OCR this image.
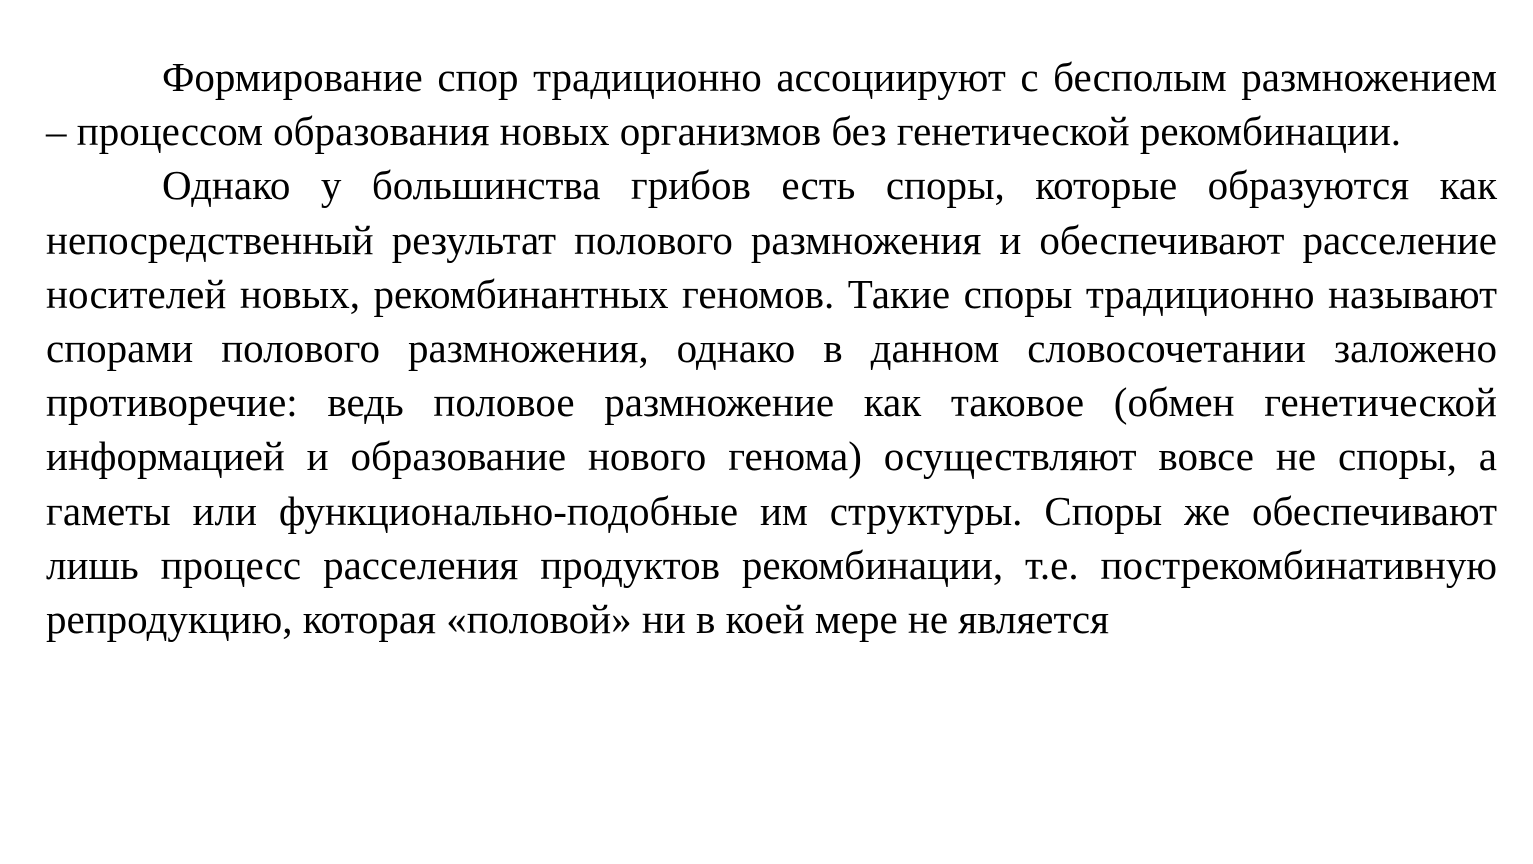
Формирование спор традиционно ассоциируют с бесполым размножением – процессом образования новых организмов без генетической рекомбинации.

Однако у большинства грибов есть споры, которые образуются как непосредственный результат полового размножения и обеспечивают расселение носителей новых, рекомбинантных геномов. Такие споры традиционно называют спорами полового размножения, однако в данном словосочетании заложено противоречие: ведь половое размножение как таковое (обмен генетической информацией и образование нового генома) осуществляют вовсе не споры, а гаметы или функционально-подобные им структуры. Споры же обеспечивают лишь процесс расселения продуктов рекомбинации, т.е. пострекомбинативную репродукцию, которая «половой» ни в коей мере не является
